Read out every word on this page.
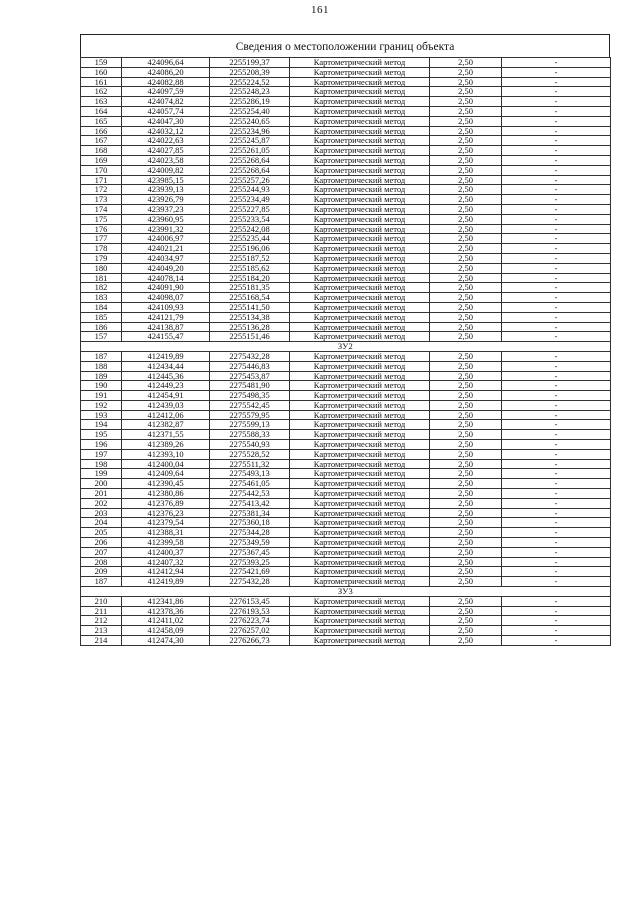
161
Сведения о местоположении границ объекта
159	424096,64	2255199,37	Картометрический метод	2,50	-
160	424086,20	2255208,39	Картометрический метод	2,50	-
161	424082,88	2255224,52	Картометрический метод	2,50	-
162	424097,59	2255248,23	Картометрический метод	2,50	-
163	424074,82	2255286,19	Картометрический метод	2,50	-
164	424057,74	2255254,40	Картометрический метод	2,50	-
165	424047,30	2255240,65	Картометрический метод	2,50	-
166	424032,12	2255234,96	Картометрический метод	2,50	-
167	424022,63	2255245,87	Картометрический метод	2,50	-
168	424027,85	2255261,05	Картометрический метод	2,50	-
169	424023,58	2255268,64	Картометрический метод	2,50	-
170	424009,82	2255268,64	Картометрический метод	2,50	-
171	423985,15	2255257,26	Картометрический метод	2,50	-
172	423939,13	2255244,93	Картометрический метод	2,50	-
173	423926,79	2255234,49	Картометрический метод	2,50	-
174	423937,23	2255227,85	Картометрический метод	2,50	-
175	423960,95	2255233,54	Картометрический метод	2,50	-
176	423991,32	2255242,08	Картометрический метод	2,50	-
177	424006,97	2255235,44	Картометрический метод	2,50	-
178	424021,21	2255196,06	Картометрический метод	2,50	-
179	424034,97	2255187,52	Картометрический метод	2,50	-
180	424049,20	2255185,62	Картометрический метод	2,50	-
181	424078,14	2255184,20	Картометрический метод	2,50	-
182	424091,90	2255181,35	Картометрический метод	2,50	-
183	424098,07	2255168,54	Картометрический метод	2,50	-
184	424109,93	2255141,50	Картометрический метод	2,50	-
185	424121,79	2255134,38	Картометрический метод	2,50	-
186	424138,87	2255136,28	Картометрический метод	2,50	-
157	424155,47	2255151,46	Картометрический метод	2,50	-
ЗУ2					
187	412419,89	2275432,28	Картометрический метод	2,50	-
188	412434,44	2275446,83	Картометрический метод	2,50	-
189	412445,36	2275453,87	Картометрический метод	2,50	-
190	412449,23	2275481,90	Картометрический метод	2,50	-
191	412454,91	2275498,35	Картометрический метод	2,50	-
192	412439,03	2275542,45	Картометрический метод	2,50	-
193	412412,06	2275579,95	Картометрический метод	2,50	-
194	412382,87	2275599,13	Картометрический метод	2,50	-
195	412371,55	2275588,33	Картометрический метод	2,50	-
196	412389,26	2275540,93	Картометрический метод	2,50	-
197	412393,10	2275528,52	Картометрический метод	2,50	-
198	412400,04	2275511,32	Картометрический метод	2,50	-
199	412409,64	2275493,13	Картометрический метод	2,50	-
200	412390,45	2275461,05	Картометрический метод	2,50	-
201	412380,86	2275442,53	Картометрический метод	2,50	-
202	412376,89	2275413,42	Картометрический метод	2,50	-
203	412376,23	2275381,34	Картометрический метод	2,50	-
204	412379,54	2275360,18	Картометрический метод	2,50	-
205	412388,31	2275344,28	Картометрический метод	2,50	-
206	412399,58	2275349,59	Картометрический метод	2,50	-
207	412400,37	2275367,45	Картометрический метод	2,50	-
208	412407,32	2275393,25	Картометрический метод	2,50	-
209	412412,94	2275421,69	Картометрический метод	2,50	-
187	412419,89	2275432,28	Картометрический метод	2,50	-
ЗУ3					
210	412341,86	2276153,45	Картометрический метод	2,50	-
211	412378,36	2276193,53	Картометрический метод	2,50	-
212	412411,02	2276223,74	Картометрический метод	2,50	-
213	412458,09	2276257,02	Картометрический метод	2,50	-
214	412474,30	2276266,73	Картометрический метод	2,50	-
